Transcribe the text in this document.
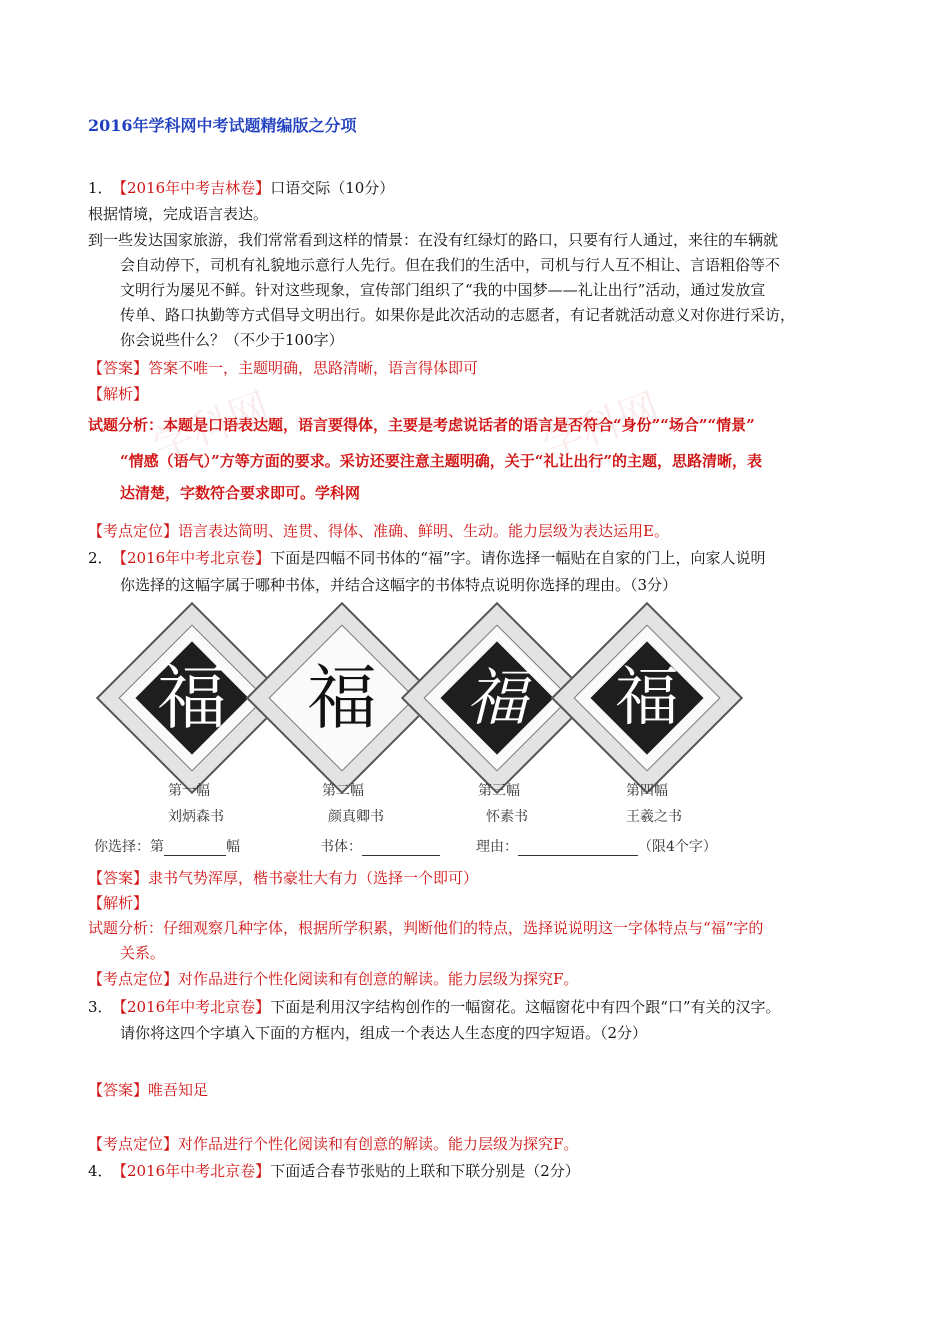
2016年学科网中考试题精编版之分项
1．【2016年中考吉林卷】口语交际（10分）
根据情境，完成语言表达。
到一些发达国家旅游，我们常常看到这样的情景：在没有红绿灯的路口，只要有行人通过，来往的车辆就
会自动停下，司机有礼貌地示意行人先行。但在我们的生活中，司机与行人互不相让、言语粗俗等不
文明行为屡见不鲜。针对这些现象，宣传部门组织了“我的中国梦——礼让出行”活动，通过发放宣
传单、路口执勤等方式倡导文明出行。如果你是此次活动的志愿者，有记者就活动意义对你进行采访，
你会说些什么？（不少于100字）
【答案】答案不唯一，主题明确，思路清晰，语言得体即可
【解析】
学科网	学科网
试题分析：本题是口语表达题，语言要得体，主要是考虑说话者的语言是否符合“身份”“场合”“情景”
“情感（语气）”方等方面的要求。采访还要注意主题明确，关于“礼让出行”的主题，思路清晰，表
达清楚，字数符合要求即可。学科网
【考点定位】语言表达简明、连贯、得体、准确、鲜明、生动。能力层级为表达运用E。
2．【2016年中考北京卷】下面是四幅不同书体的“福”字。请你选择一幅贴在自家的门上，向家人说明
你选择的这幅字属于哪种书体，并结合这幅字的书体特点说明你选择的理由。（3分）
福 福	福	福
第一幅
刘炳森书
第二幅
颜真卿书
第三幅
怀素书
第四幅
王羲之书
你选择：第	幅	书体：	理由：	（限4个字）
【答案】隶书气势浑厚，楷书豪壮大有力（选择一个即可）
【解析】
试题分析：仔细观察几种字体，根据所学积累，判断他们的特点，选择说说明这一字体特点与“福”字的
关系。
【考点定位】对作品进行个性化阅读和有创意的解读。能力层级为探究F。
3．【2016年中考北京卷】下面是利用汉字结构创作的一幅窗花。这幅窗花中有四个跟“口”有关的汉字。
请你将这四个字填入下面的方框内，组成一个表达人生态度的四字短语。（2分）
【答案】唯吾知足
【考点定位】对作品进行个性化阅读和有创意的解读。能力层级为探究F。
4．【2016年中考北京卷】下面适合春节张贴的上联和下联分别是（2分）
